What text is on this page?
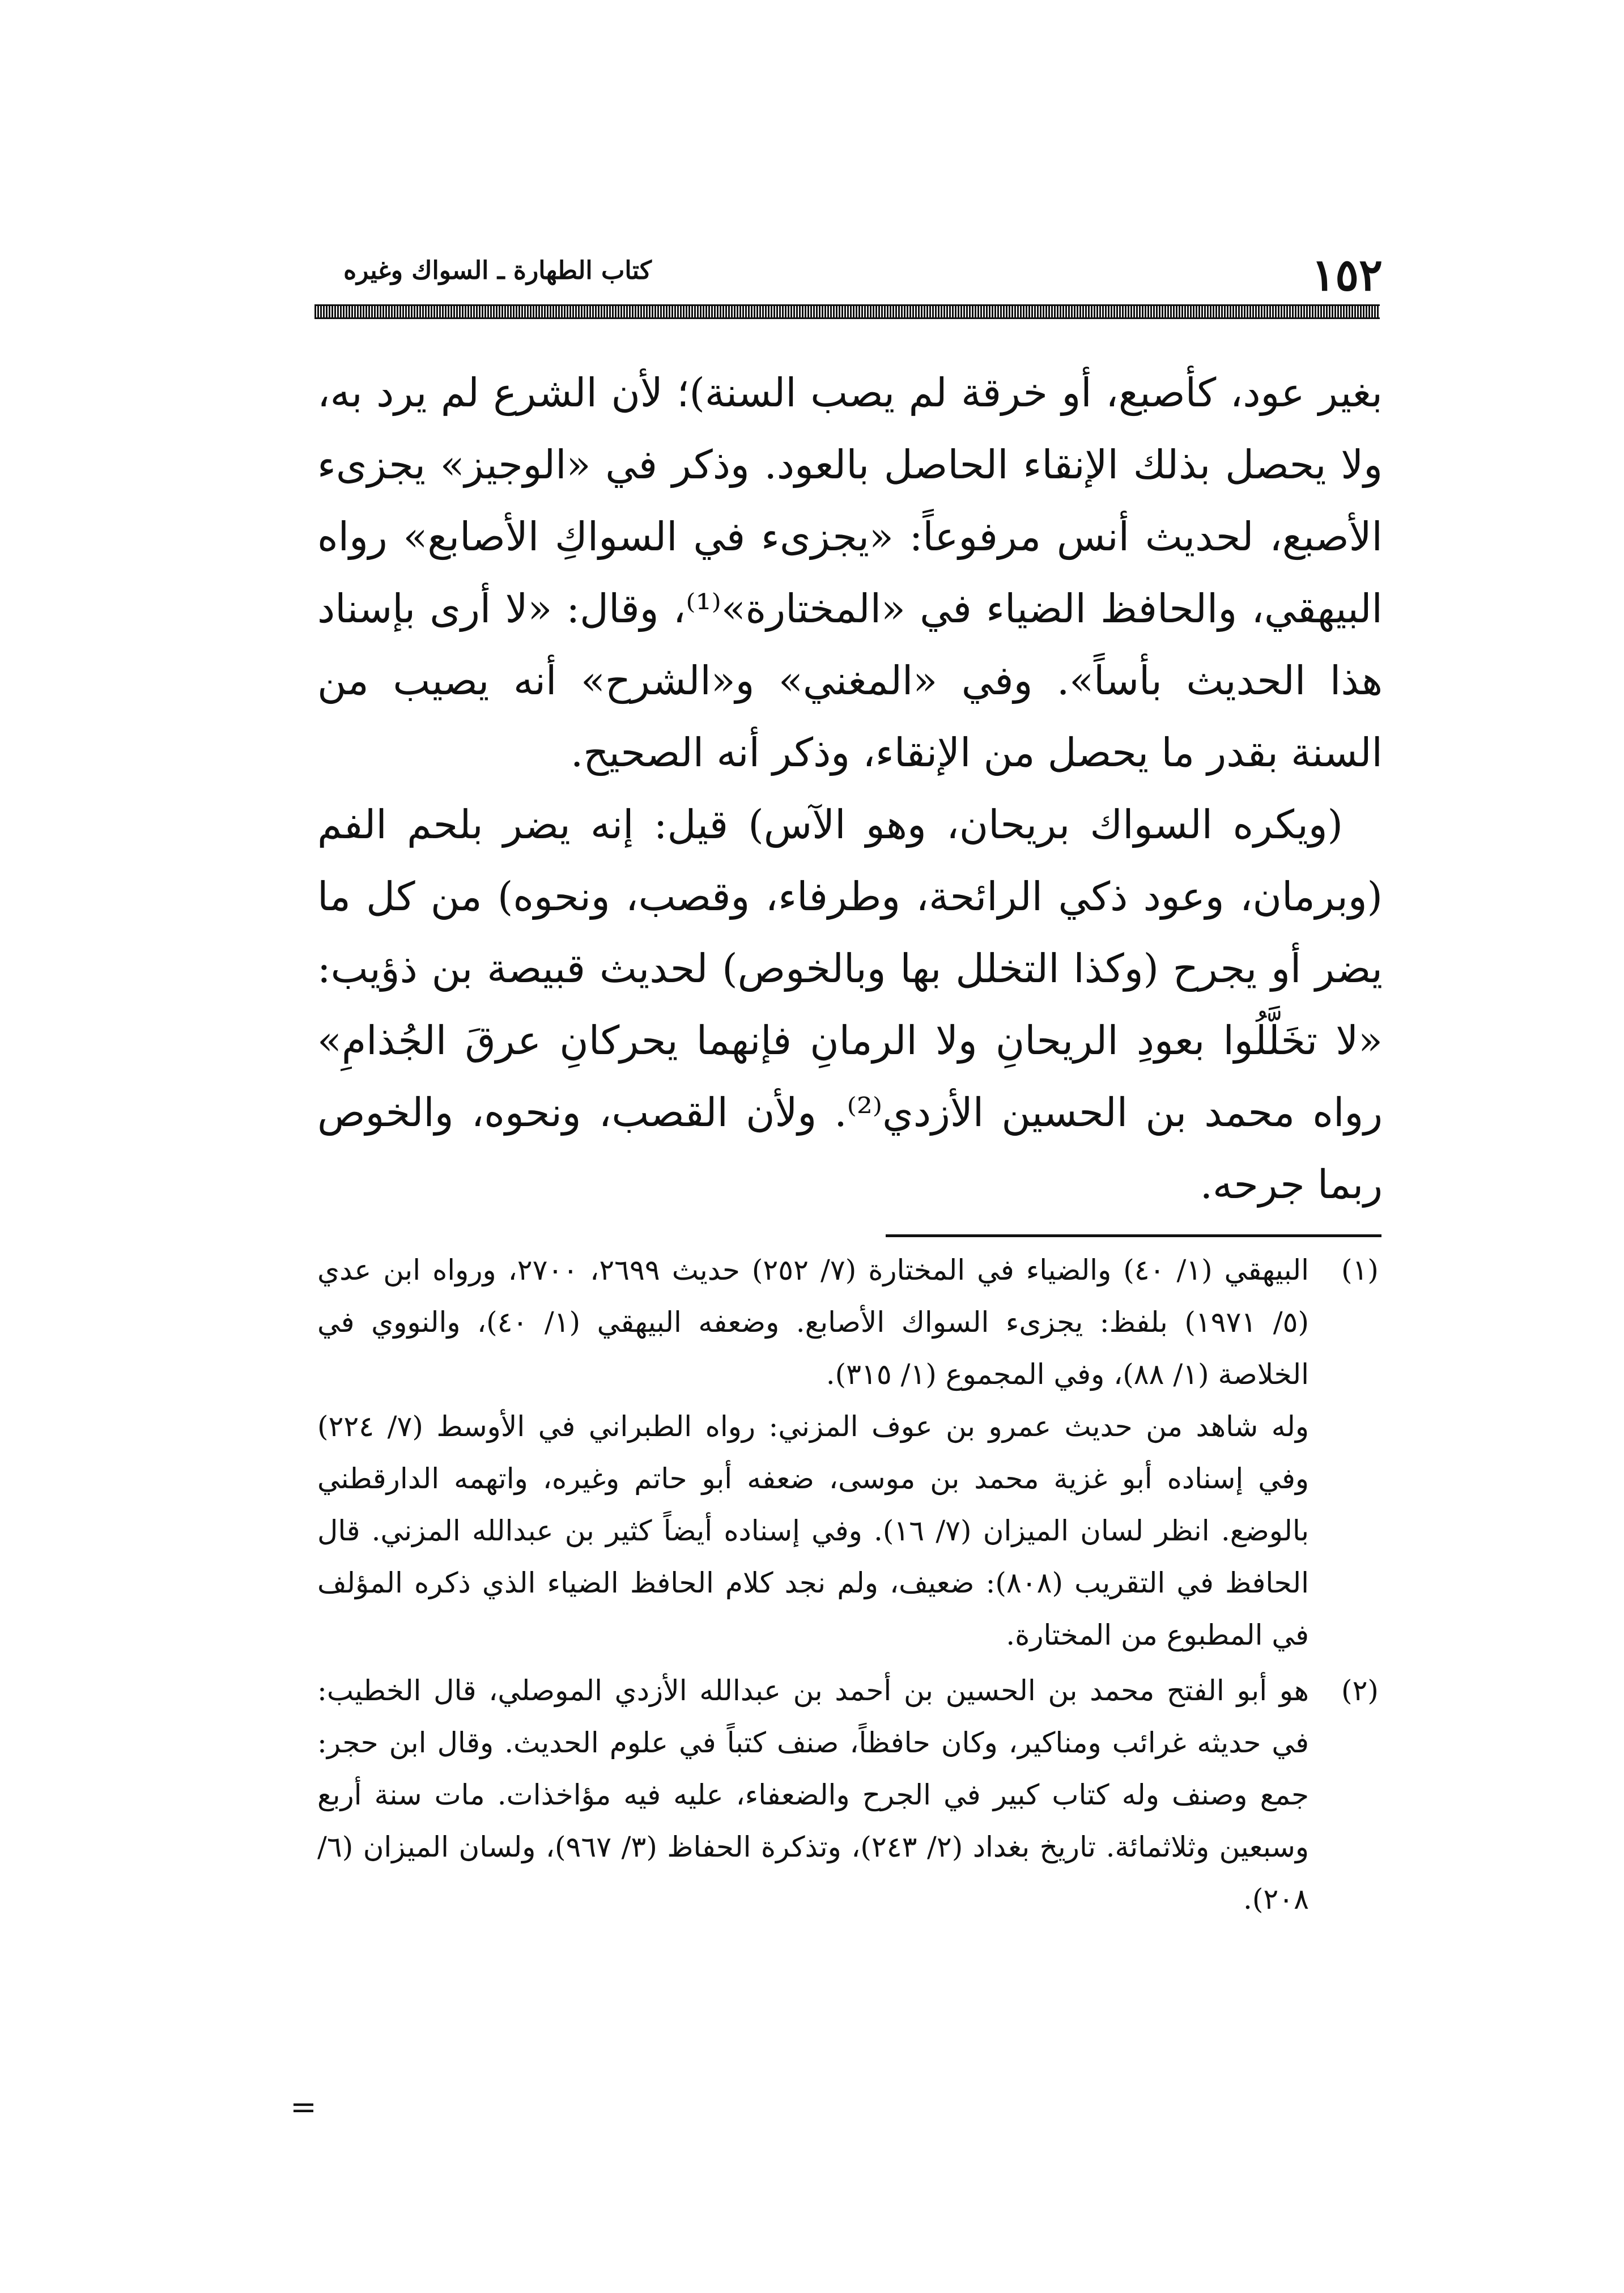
١٥٢
كتاب الطهارة ـ السواك وغيره

بغير عود، كأصبع، أو خرقة لم يصب السنة)؛ لأن الشرع لم يرد به، ولا يحصل بذلك الإنقاء الحاصل بالعود. وذكر في «الوجيز» يجزىء الأصبع، لحديث أنس مرفوعاً: «يجزىء في السواكِ الأصابع» رواه البيهقي، والحافظ الضياء في «المختارة»⁽¹⁾، وقال: «لا أرى بإسناد هذا الحديث بأساً». وفي «المغني» و«الشرح» أنه يصيب من السنة بقدر ما يحصل من الإنقاء، وذكر أنه الصحيح.

(ويكره السواك بريحان، وهو الآس) قيل: إنه يضر بلحم الفم (وبرمان، وعود ذكي الرائحة، وطرفاء، وقصب، ونحوه) من كل ما يضر أو يجرح (وكذا التخلل بها وبالخوص) لحديث قبيصة بن ذؤيب: «لا تخَلَّلُوا بعودِ الريحانِ ولا الرمانِ فإنهما يحركانِ عرقَ الجُذامِ» رواه محمد بن الحسين الأزدي⁽²⁾. ولأن القصب، ونحوه، والخوص ربما جرحه.

(١)

البيهقي (١/ ٤٠) والضياء في المختارة (٧/ ٢٥٢) حديث ٢٦٩٩، ٢٧٠٠، ورواه ابن عدي (٥/ ١٩٧١) بلفظ: يجزىء السواك الأصابع. وضعفه البيهقي (١/ ٤٠)، والنووي في الخلاصة (١/ ٨٨)، وفي المجموع (١/ ٣١٥).

وله شاهد من حديث عمرو بن عوف المزني: رواه الطبراني في الأوسط (٧/ ٢٢٤) وفي إسناده أبو غزية محمد بن موسى، ضعفه أبو حاتم وغيره، واتهمه الدارقطني بالوضع. انظر لسان الميزان (٧/ ١٦). وفي إسناده أيضاً كثير بن عبدالله المزني. قال الحافظ في التقريب (٨٠٨): ضعيف، ولم نجد كلام الحافظ الضياء الذي ذكره المؤلف في المطبوع من المختارة.

(٢)

هو أبو الفتح محمد بن الحسين بن أحمد بن عبدالله الأزدي الموصلي، قال الخطيب: في حديثه غرائب ومناكير، وكان حافظاً، صنف كتباً في علوم الحديث. وقال ابن حجر: جمع وصنف وله كتاب كبير في الجرح والضعفاء، عليه فيه مؤاخذات. مات سنة أربع وسبعين وثلاثمائة. تاريخ بغداد (٢/ ٢٤٣)، وتذكرة الحفاظ (٣/ ٩٦٧)، ولسان الميزان (٦/ ٢٠٨).

=
